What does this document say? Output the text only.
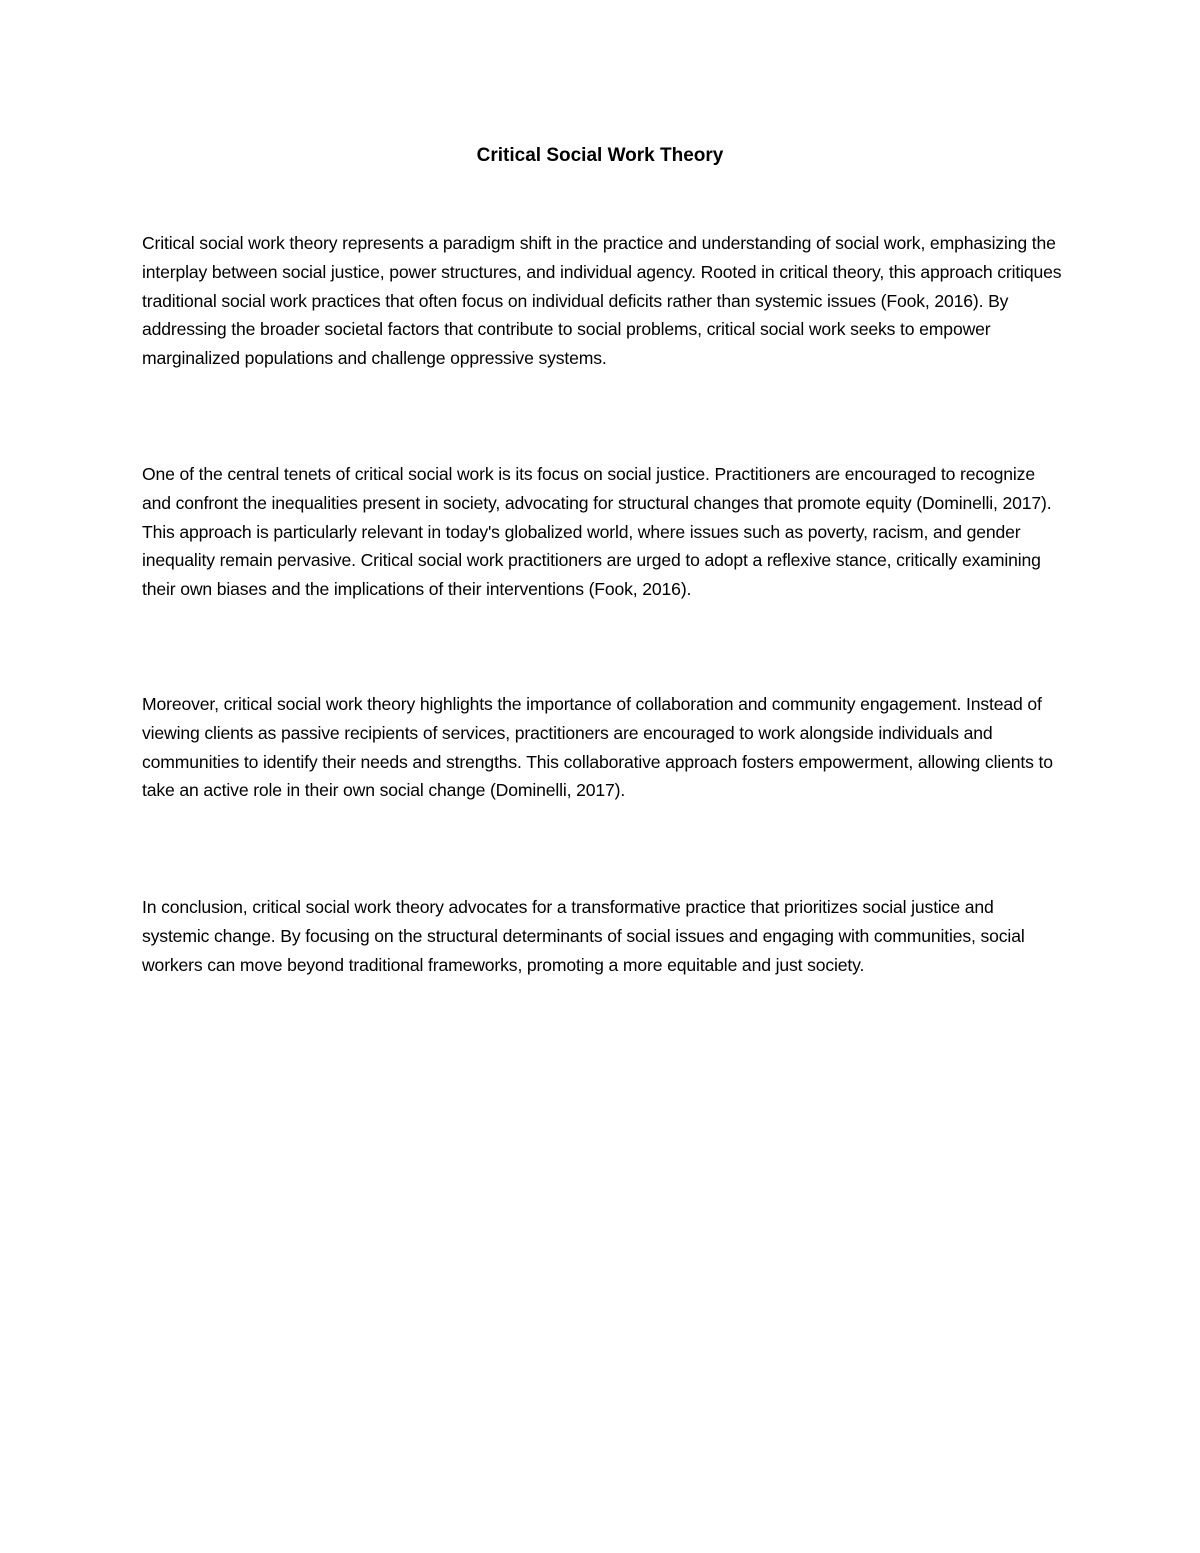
Critical Social Work Theory

Critical social work theory represents a paradigm shift in the practice and understanding of social work, emphasizing the interplay between social justice, power structures, and individual agency. Rooted in critical theory, this approach critiques traditional social work practices that often focus on individual deficits rather than systemic issues (Fook, 2016). By addressing the broader societal factors that contribute to social problems, critical social work seeks to empower marginalized populations and challenge oppressive systems.

One of the central tenets of critical social work is its focus on social justice. Practitioners are encouraged to recognize and confront the inequalities present in society, advocating for structural changes that promote equity (Dominelli, 2017). This approach is particularly relevant in today's globalized world, where issues such as poverty, racism, and gender inequality remain pervasive. Critical social work practitioners are urged to adopt a reflexive stance, critically examining their own biases and the implications of their interventions (Fook, 2016).

Moreover, critical social work theory highlights the importance of collaboration and community engagement. Instead of viewing clients as passive recipients of services, practitioners are encouraged to work alongside individuals and communities to identify their needs and strengths. This collaborative approach fosters empowerment, allowing clients to take an active role in their own social change (Dominelli, 2017).

In conclusion, critical social work theory advocates for a transformative practice that prioritizes social justice and systemic change. By focusing on the structural determinants of social issues and engaging with communities, social workers can move beyond traditional frameworks, promoting a more equitable and just society.
